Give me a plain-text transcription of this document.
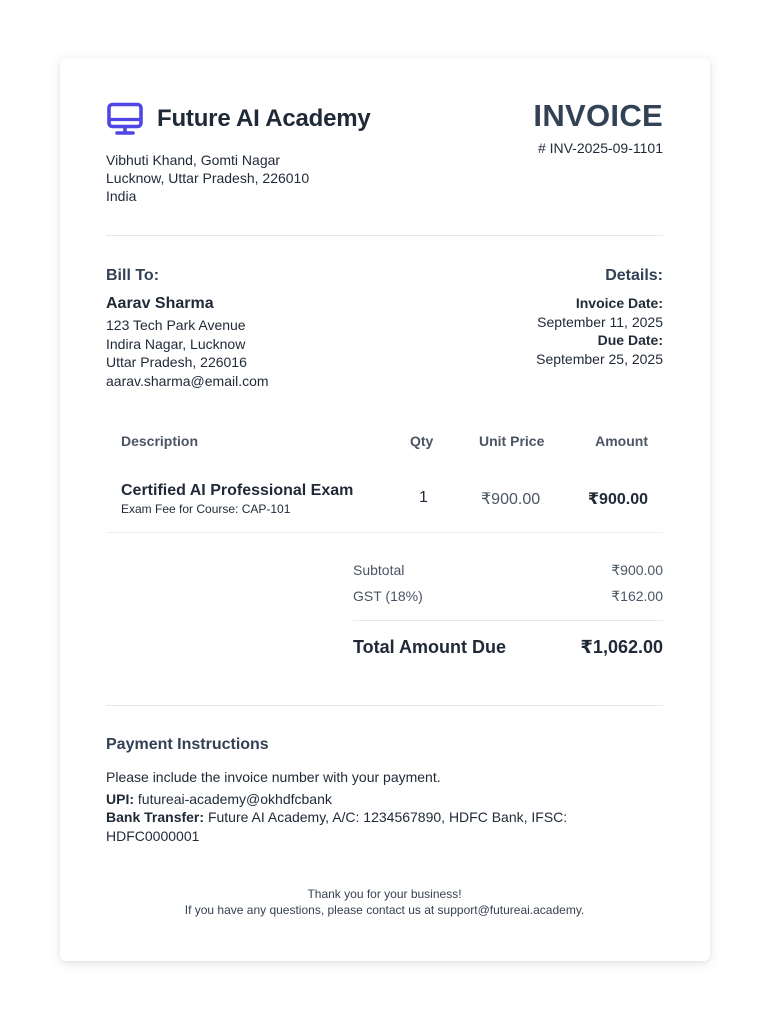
Future AI Academy
Vibhuti Khand, Gomti Nagar
Lucknow, Uttar Pradesh, 226010
India
INVOICE
# INV-2025-09-1101
Bill To:
Aarav Sharma
123 Tech Park Avenue
Indira Nagar, Lucknow
Uttar Pradesh, 226016
aarav.sharma@email.com
Details:
Invoice Date:
September 11, 2025
Due Date:
September 25, 2025
Description	Qty	Unit Price	Amount
Certified AI Professional Exam
Exam Fee for Course: CAP-101
1	₹900.00	₹900.00
Subtotal	₹900.00
GST (18%)	₹162.00
Total Amount Due	₹1,062.00
Payment Instructions
Please include the invoice number with your payment.
UPI: futureai-academy@okhdfcbank
Bank Transfer: Future AI Academy, A/C: 1234567890, HDFC Bank, IFSC:
HDFC0000001
Thank you for your business!
If you have any questions, please contact us at support@futureai.academy.
